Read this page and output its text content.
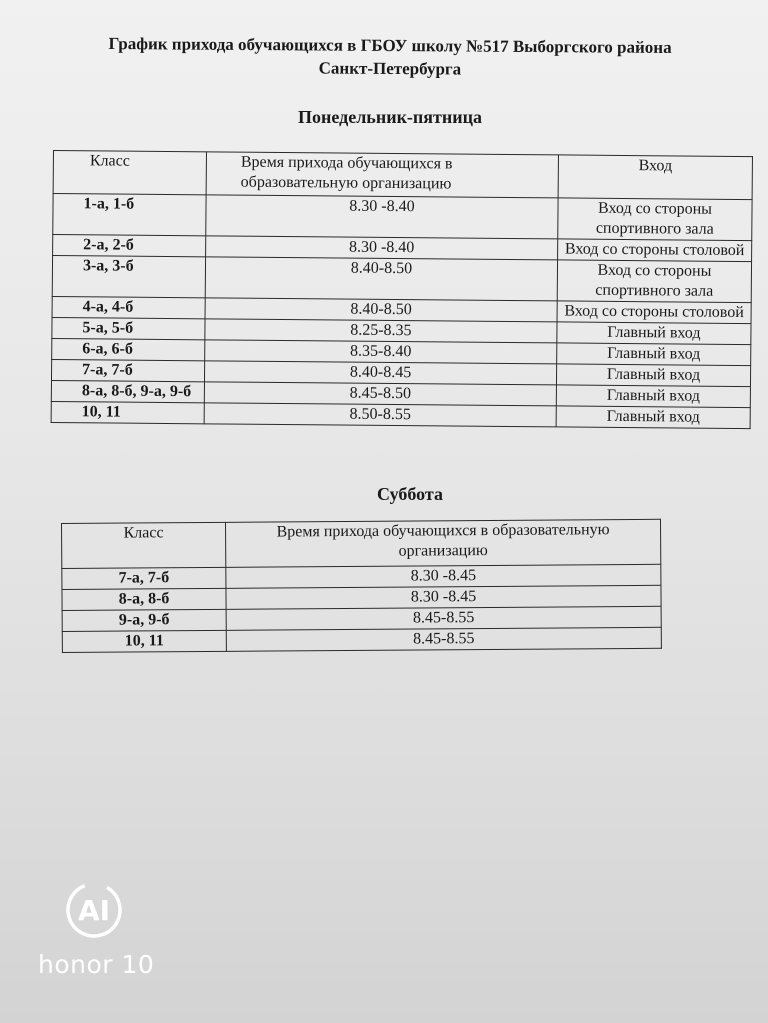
График прихода обучающихся в ГБОУ школу №517 Выборгского района
Санкт-Петербурга
Понедельник-пятница
Класс	Время прихода обучающихся в образовательную организацию	Вход
1-а, 1-б	8.30 -8.40	Вход со стороны спортивного зала
2-а, 2-б	8.30 -8.40	Вход со стороны столовой
3-а, 3-б	8.40-8.50	Вход со стороны спортивного зала
4-а, 4-б	8.40-8.50	Вход со стороны столовой
5-а, 5-б	8.25-8.35	Главный вход
6-а, 6-б	8.35-8.40	Главный вход
7-а, 7-б	8.40-8.45	Главный вход
8-а, 8-б, 9-а, 9-б	8.45-8.50	Главный вход
10, 11	8.50-8.55	Главный вход
Суббота
Класс	Время прихода обучающихся в образовательную организацию
7-а, 7-б	8.30 -8.45
8-а, 8-б	8.30 -8.45
9-а, 9-б	8.45-8.55
10, 11	8.45-8.55
AI
honor 10
